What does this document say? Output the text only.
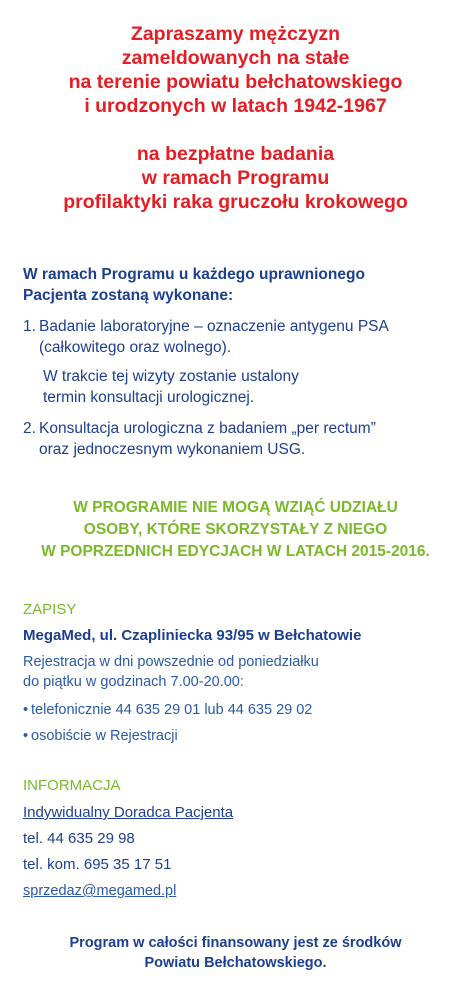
Zapraszamy mężczyzn
zameldowanych na stałe
na terenie powiatu bełchatowskiego
i urodzonych w latach 1942-1967
na bezpłatne badania
w ramach Programu
profilaktyki raka gruczołu krokowego
W ramach Programu u każdego uprawnionego
Pacjenta zostaną wykonane:
1. Badanie laboratoryjne – oznaczenie antygenu PSA
(całkowitego oraz wolnego).
W trakcie tej wizyty zostanie ustalony
termin konsultacji urologicznej.
2. Konsultacja urologiczna z badaniem „per rectum”
oraz jednoczesnym wykonaniem USG.
W PROGRAMIE NIE MOGĄ WZIĄĆ UDZIAŁU
OSOBY, KTÓRE SKORZYSTAŁY Z NIEGO
W POPRZEDNICH EDYCJACH W LATACH 2015-2016.
ZAPISY
MegaMed, ul. Czapliniecka 93/95 w Bełchatowie
Rejestracja w dni powszednie od poniedziałku
do piątku w godzinach 7.00-20.00:
• telefonicznie 44 635 29 01 lub 44 635 29 02
• osobiście w Rejestracji
INFORMACJA
Indywidualny Doradca Pacjenta
tel. 44 635 29 98
tel. kom. 695 35 17 51
sprzedaz@megamed.pl
Program w całości finansowany jest ze środków
Powiatu Bełchatowskiego.
